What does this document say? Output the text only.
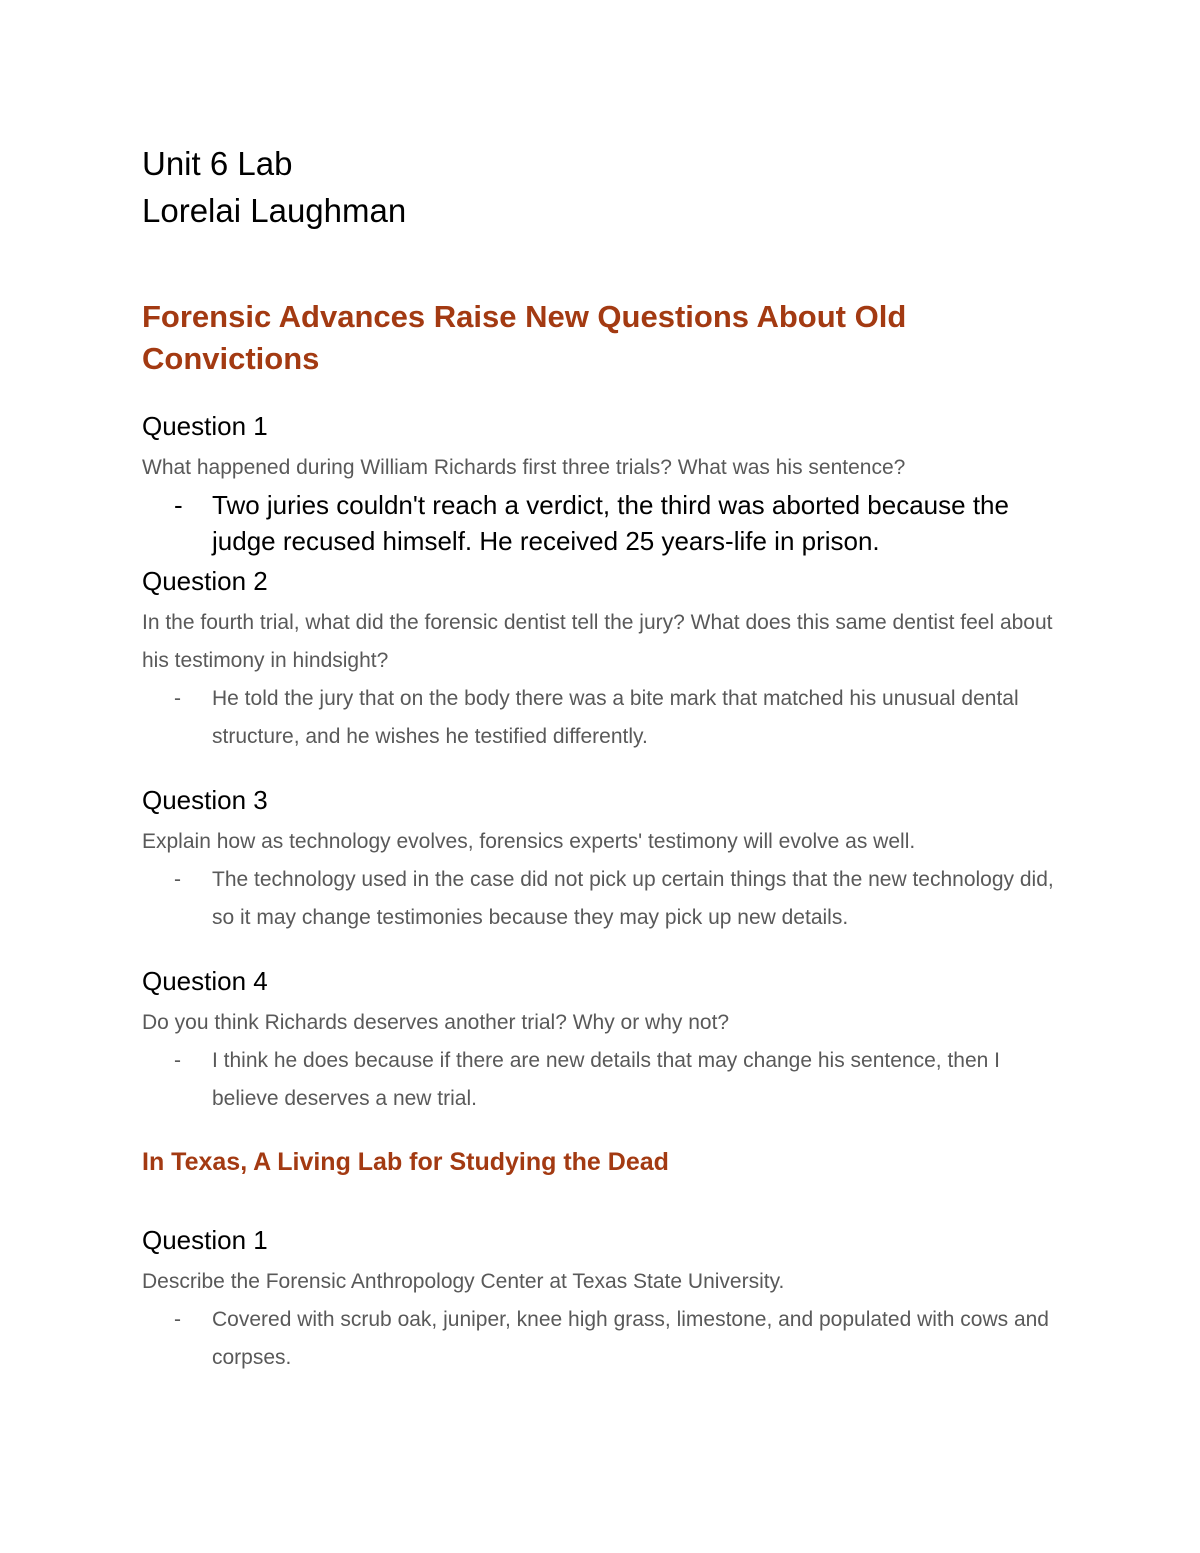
Unit 6 Lab
Lorelai Laughman
Forensic Advances Raise New Questions About Old Convictions
Question 1

What happened during William Richards first three trials? What was his sentence?

- Two juries couldn't reach a verdict, the third was aborted because the judge recused himself. He received 25 years-life in prison.

Question 2

In the fourth trial, what did the forensic dentist tell the jury? What does this same dentist feel about his testimony in hindsight?

- He told the jury that on the body there was a bite mark that matched his unusual dental structure, and he wishes he testified differently.

Question 3

Explain how as technology evolves, forensics experts' testimony will evolve as well.

- The technology used in the case did not pick up certain things that the new technology did, so it may change testimonies because they may pick up new details.

Question 4

Do you think Richards deserves another trial? Why or why not?

- I think he does because if there are new details that may change his sentence, then I believe deserves a new trial.

In Texas, A Living Lab for Studying the Dead
Question 1

Describe the Forensic Anthropology Center at Texas State University.

- Covered with scrub oak, juniper, knee high grass, limestone, and populated with cows and corpses.
